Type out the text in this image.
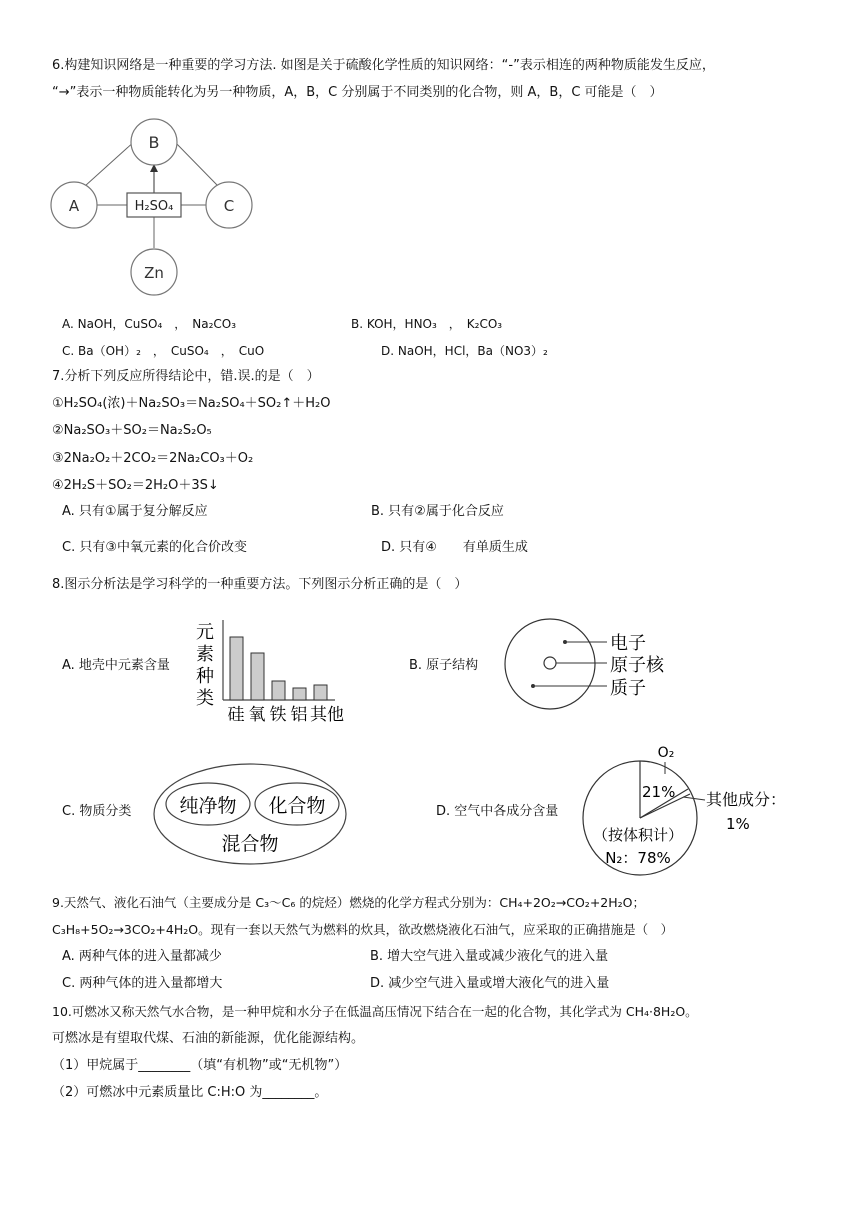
6.构建知识网络是一种重要的学习方法. 如图是关于硫酸化学性质的知识网络：“-”表示相连的两种物质能发生反应，
“→”表示一种物质能转化为另一种物质，A，B，C 分别属于不同类别的化合物，则 A，B，C 可能是（　）
B
A	C
Zn
H₂SO₄
A. NaOH，CuSO₄　，　Na₂CO₃	B. KOH，HNO₃　，　K₂CO₃
C. Ba（OH）₂　，　CuSO₄　，　CuO	D. NaOH，HCl，Ba（NO3）₂
7.分析下列反应所得结论中，错.误.的是（　）
①H₂SO₄(浓)＋Na₂SO₃＝Na₂SO₄＋SO₂↑＋H₂O
②Na₂SO₃＋SO₂＝Na₂S₂O₅
③2Na₂O₂＋2CO₂＝2Na₂CO₃＋O₂
④2H₂S＋SO₂＝2H₂O＋3S↓
A. 只有①属于复分解反应	B. 只有②属于化合反应
C. 只有③中氧元素的化合价改变	D. 只有④　　有单质生成
8.图示分析法是学习科学的一种重要方法。下列图示分析正确的是（　）
A. 地壳中元素含量
元
素
种
类
硅 氧 铁 铝 其他
B. 原子结构
电子
原子核
质子
C. 物质分类	纯净物 化合物
混合物
D. 空气中各成分含量
O₂
21% 其他成分：
1%
（按体积计）
N₂：78%
9.天然气、液化石油气（主要成分是 C₃～C₆ 的烷烃）燃烧的化学方程式分别为：CH₄+2O₂→CO₂+2H₂O；
C₃H₈+5O₂→3CO₂+4H₂O。现有一套以天然气为燃料的炊具，欲改燃烧液化石油气，应采取的正确措施是（　）
A. 两种气体的进入量都减少	B. 增大空气进入量或减少液化气的进入量
C. 两种气体的进入量都增大	D. 减少空气进入量或增大液化气的进入量
10.可燃冰又称天然气水合物，是一种甲烷和水分子在低温高压情况下结合在一起的化合物，其化学式为 CH₄·8H₂O。
可燃冰是有望取代煤、石油的新能源，优化能源结构。
（1）甲烷属于________（填“有机物”或“无机物”）
（2）可燃冰中元素质量比 C:H:O 为________。
